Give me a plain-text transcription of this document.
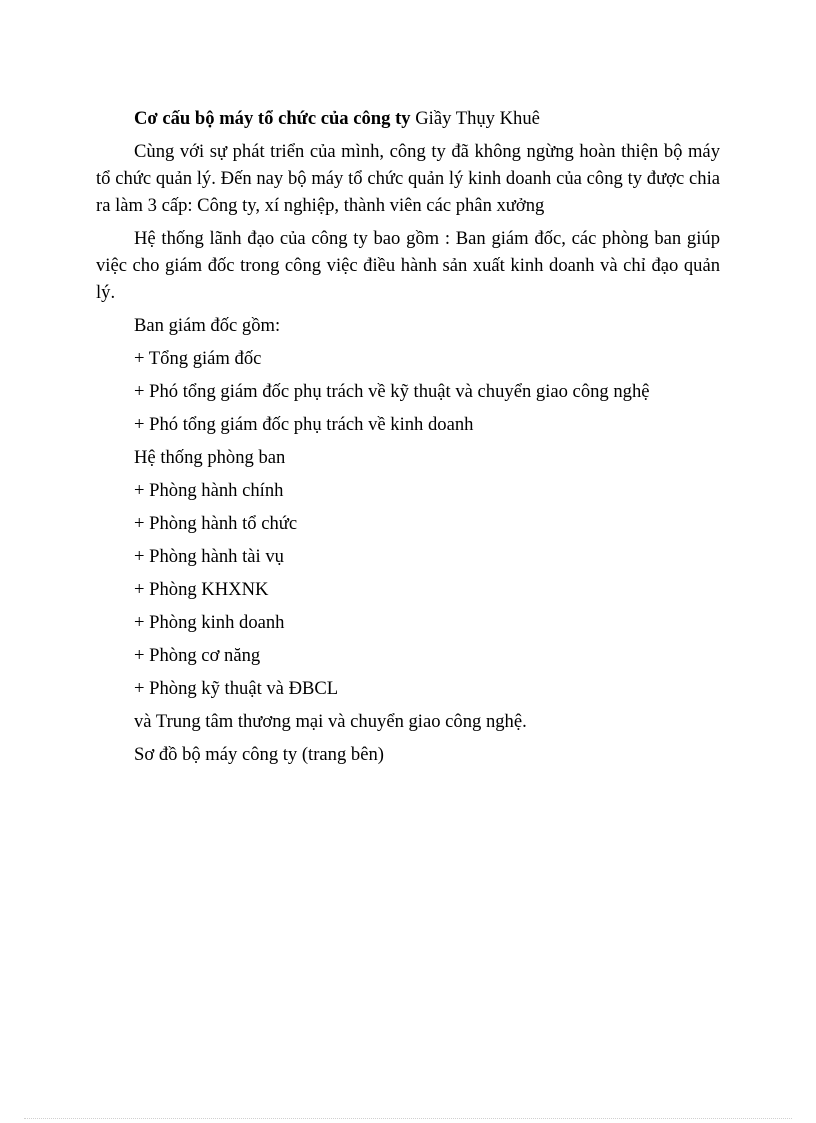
Cơ cấu bộ máy tổ chức của công ty Giầy Thụy Khuê

Cùng với sự phát triển của mình, công ty đã không ngừng hoàn thiện bộ máy tổ chức quản lý. Đến nay bộ máy tổ chức quản lý kinh doanh của công ty được chia ra làm 3 cấp: Công ty, xí nghiệp, thành viên các phân xưởng

Hệ thống lãnh đạo của công ty bao gồm : Ban giám đốc, các phòng ban giúp việc cho giám đốc trong công việc điều hành sản xuất kinh doanh và chỉ đạo quản lý.

Ban giám đốc gồm:

+ Tổng giám đốc

+ Phó tổng giám đốc phụ trách về kỹ thuật và chuyển giao công nghệ

+ Phó tổng giám đốc phụ trách về kinh doanh

Hệ thống phòng ban

+ Phòng hành chính

+ Phòng hành tổ chức

+ Phòng hành tài vụ

+ Phòng KHXNK

+ Phòng kinh doanh

+ Phòng cơ năng

+ Phòng kỹ thuật và ĐBCL

và Trung tâm thương mại và chuyển giao công nghệ.

Sơ đồ bộ máy công ty (trang bên)
